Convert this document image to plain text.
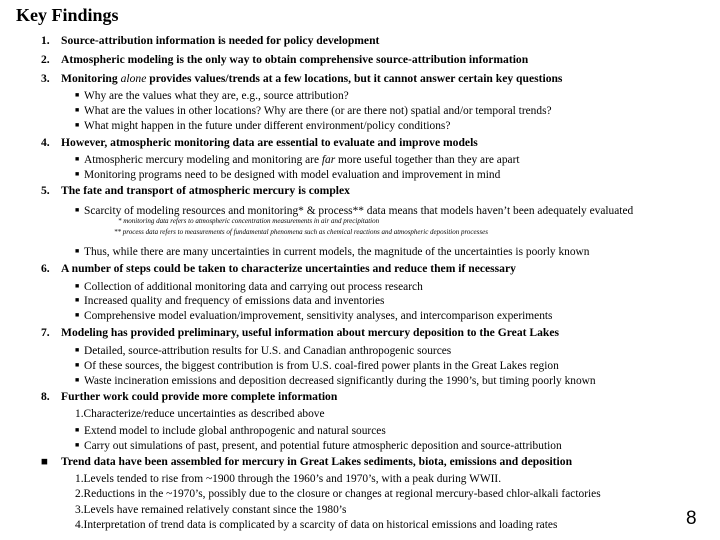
Key Findings
1. Source-attribution information is needed for policy development
2. Atmospheric modeling is the only way to obtain comprehensive source-attribution information
3. Monitoring alone provides values/trends at a few locations, but it cannot answer certain key questions
■ Why are the values what they are, e.g., source attribution?
■ What are the values in other locations? Why are there (or are there not) spatial and/or temporal trends?
■ What might happen in the future under different environment/policy conditions?
4. However, atmospheric monitoring data are essential to evaluate and improve models
■ Atmospheric mercury modeling and monitoring are far more useful together than they are apart
■ Monitoring programs need to be designed with model evaluation and improvement in mind
5. The fate and transport of atmospheric mercury is complex
■ Scarcity of modeling resources and monitoring* & process** data means that models haven’t been adequately evaluated
* monitoring data refers to atmospheric concentration measurements in air and precipitation
** process data refers to measurements of fundamental phenomena such as chemical reactions and atmospheric deposition processes
■ Thus, while there are many uncertainties in current models, the magnitude of the uncertainties is poorly known
6. A number of steps could be taken to characterize uncertainties and reduce them if necessary
■ Collection of additional monitoring data and carrying out process research
■ Increased quality and frequency of emissions data and inventories
■ Comprehensive model evaluation/improvement, sensitivity analyses, and intercomparison experiments
7. Modeling has provided preliminary, useful information about mercury deposition to the Great Lakes
■ Detailed, source-attribution results for U.S. and Canadian anthropogenic sources
■ Of these sources, the biggest contribution is from U.S. coal-fired power plants in the Great Lakes region
■ Waste incineration emissions and deposition decreased significantly during the 1990’s, but timing poorly known
8. Further work could provide more complete information
1.Characterize/reduce uncertainties as described above
■ Extend model to include global anthropogenic and natural sources
■ Carry out simulations of past, present, and potential future atmospheric deposition and source-attribution
■ Trend data have been assembled for mercury in Great Lakes sediments, biota, emissions and deposition
1.Levels tended to rise from ~1900 through the 1960’s and 1970’s, with a peak during WWII.
2.Reductions in the ~1970’s, possibly due to the closure or changes at regional mercury-based chlor-alkali factories
3.Levels have remained relatively constant since the 1980’s
4.Interpretation of trend data is complicated by a scarcity of data on historical emissions and loading rates	8
